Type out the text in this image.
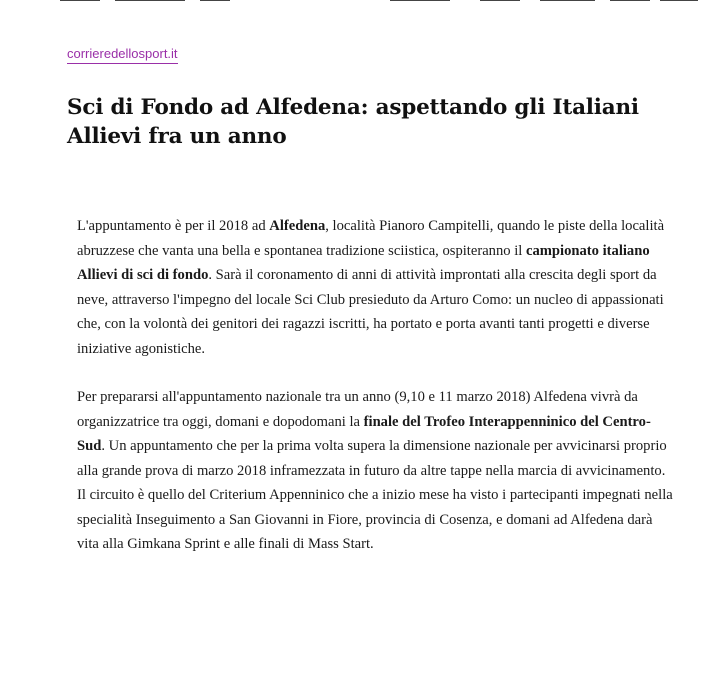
corrieredellosport.it
Sci di Fondo ad Alfedena: aspettando gli Italiani Allievi fra un anno

L'appuntamento è per il 2018 ad Alfedena, località Pianoro Campitelli, quando le piste della località abruzzese che vanta una bella e spontanea tradizione sciistica, ospiteranno il campionato italiano Allievi di sci di fondo. Sarà il coronamento di anni di attività improntati alla crescita degli sport da neve, attraverso l'impegno del locale Sci Club presieduto da Arturo Como: un nucleo di appassionati che, con la volontà dei genitori dei ragazzi iscritti, ha portato e porta avanti tanti progetti e diverse iniziative agonistiche.

Per prepararsi all'appuntamento nazionale tra un anno (9,10 e 11 marzo 2018) Alfedena vivrà da organizzatrice tra oggi, domani e dopodomani la finale del Trofeo Interappenninico del Centro-Sud. Un appuntamento che per la prima volta supera la dimensione nazionale per avvicinarsi proprio alla grande prova di marzo 2018 inframezzata in futuro da altre tappe nella marcia di avvicinamento. Il circuito è quello del Criterium Appenninico che a inizio mese ha visto i partecipanti impegnati nella specialità Inseguimento a San Giovanni in Fiore, provincia di Cosenza, e domani ad Alfedena darà vita alla Gimkana Sprint e alle finali di Mass Start.
